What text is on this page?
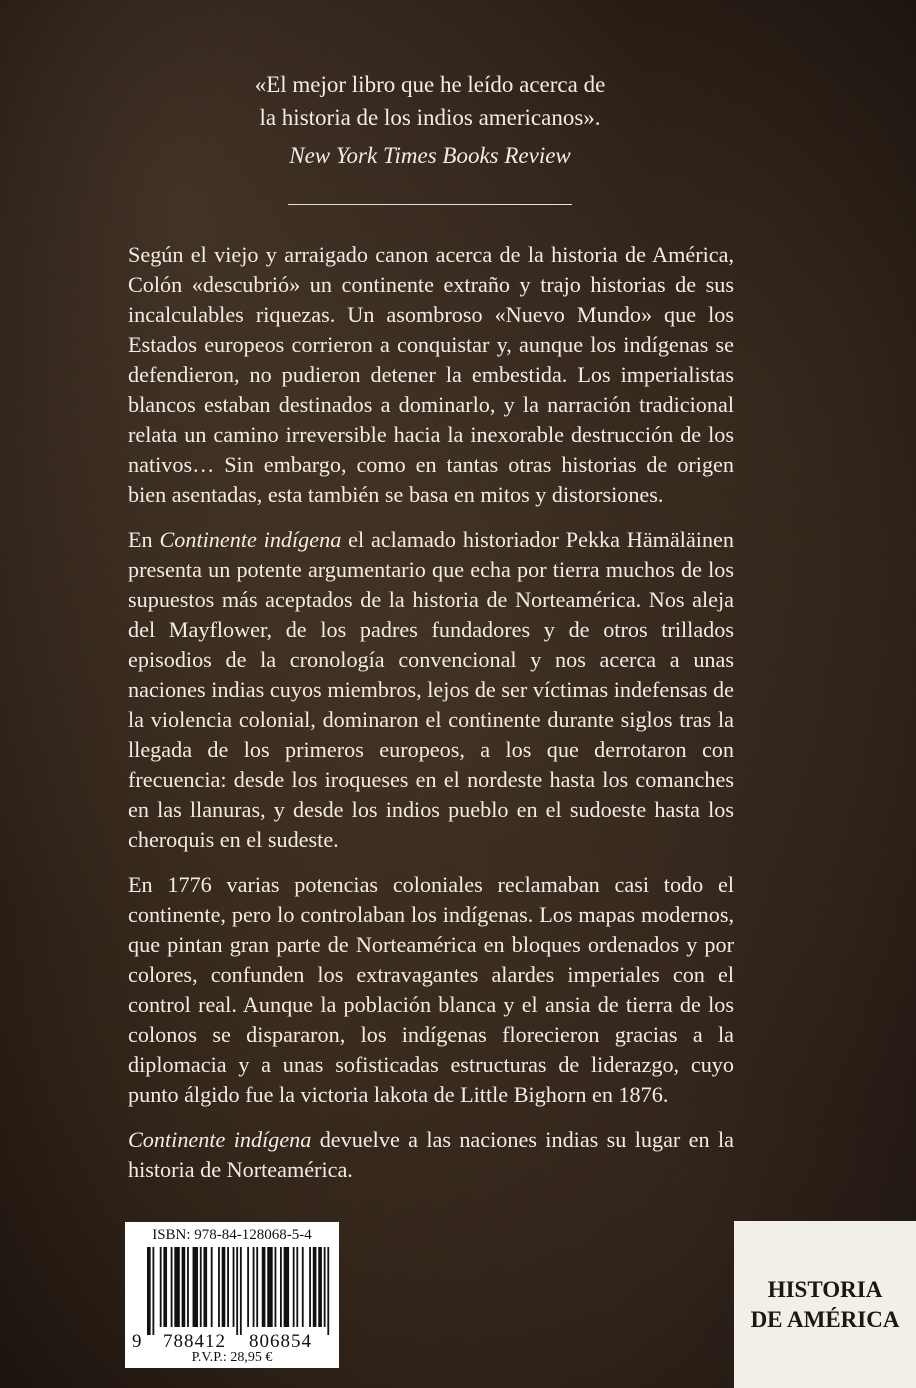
«El mejor libro que he leído acerca de
la historia de los indios americanos».
New York Times Books Review

Según el viejo y arraigado canon acerca de la historia de América, Colón «descubrió» un continente extraño y trajo historias de sus incalculables riquezas. Un asombroso «Nuevo Mundo» que los Estados europeos corrieron a conquistar y, aunque los indígenas se defendieron, no pudieron detener la embestida. Los imperialistas blancos estaban destinados a dominarlo, y la narración tradicional relata un camino irreversible hacia la inexorable destrucción de los nativos… Sin embargo, como en tantas otras historias de origen bien asentadas, esta también se basa en mitos y distorsiones.

En Continente indígena el aclamado historiador Pekka Hämäläinen presenta un potente argumentario que echa por tierra muchos de los supuestos más aceptados de la historia de Norteamérica. Nos aleja del Mayflower, de los padres fundadores y de otros trillados episodios de la cronología convencional y nos acerca a unas naciones indias cuyos miembros, lejos de ser víctimas indefensas de la violencia colonial, dominaron el continente durante siglos tras la llegada de los primeros europeos, a los que derrotaron con frecuencia: desde los iroqueses en el nordeste hasta los comanches en las llanuras, y desde los indios pueblo en el sudoeste hasta los cheroquis en el sudeste.

En 1776 varias potencias coloniales reclamaban casi todo el continente, pero lo controlaban los indígenas. Los mapas modernos, que pintan gran parte de Norteamérica en bloques ordenados y por colores, confunden los extravagantes alardes imperiales con el control real. Aunque la población blanca y el ansia de tierra de los colonos se dispararon, los indígenas florecieron gracias a la diplomacia y a unas sofisticadas estructuras de liderazgo, cuyo punto álgido fue la victoria lakota de Little Bighorn en 1876.

Continente indígena devuelve a las naciones indias su lugar en la historia de Norteamérica.

ISBN: 978-84-128068-5-4
9 788412 806854
P.V.P.: 28,95 €
HISTORIA
DE AMÉRICA
